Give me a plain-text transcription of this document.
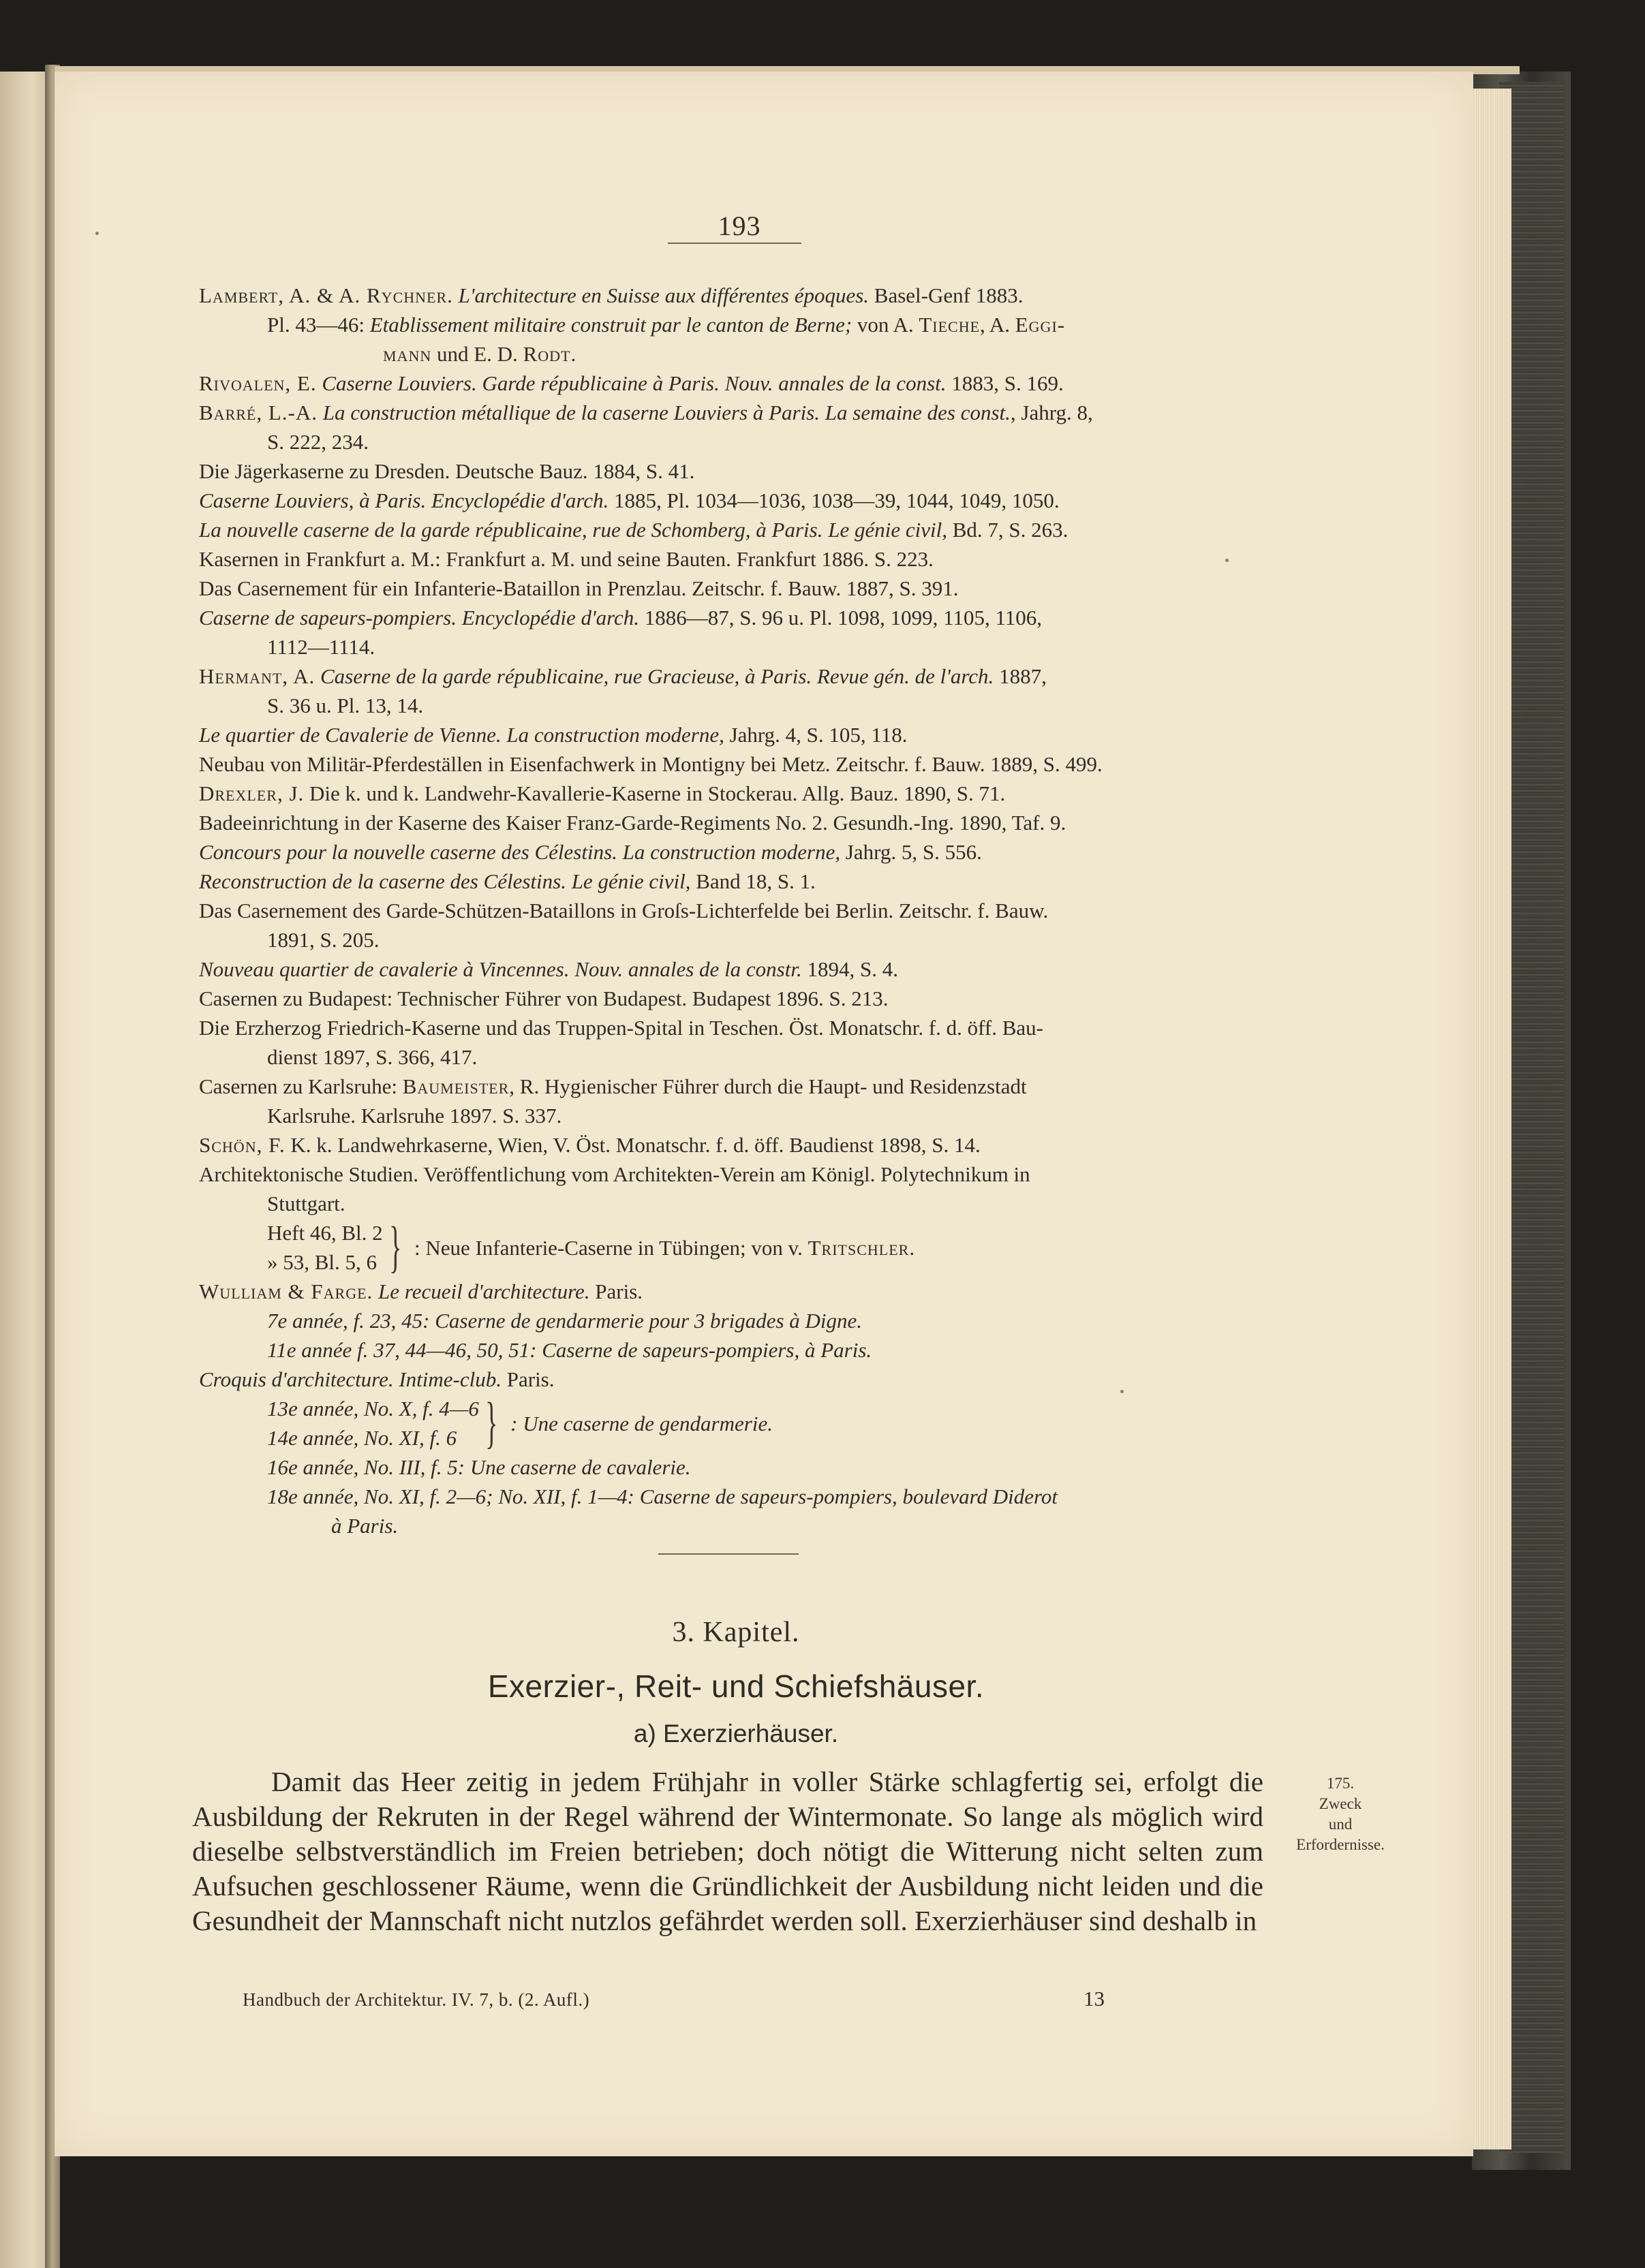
193
Lambert, A. & A. Rychner. L'architecture en Suisse aux différentes époques. Basel-Genf 1883.
Pl. 43—46: Etablissement militaire construit par le canton de Berne; von A. Tieche, A. Eggi-
mann und E. D. Rodt.
Rivoalen, E. Caserne Louviers. Garde républicaine à Paris. Nouv. annales de la const. 1883, S. 169.
Barré, L.-A. La construction métallique de la caserne Louviers à Paris. La semaine des const., Jahrg. 8,
S. 222, 234.
Die Jägerkaserne zu Dresden. Deutsche Bauz. 1884, S. 41.
Caserne Louviers, à Paris. Encyclopédie d'arch. 1885, Pl. 1034—1036, 1038—39, 1044, 1049, 1050.
La nouvelle caserne de la garde républicaine, rue de Schomberg, à Paris. Le génie civil, Bd. 7, S. 263.
Kasernen in Frankfurt a. M.: Frankfurt a. M. und seine Bauten. Frankfurt 1886. S. 223.
Das Casernement für ein Infanterie-Bataillon in Prenzlau. Zeitschr. f. Bauw. 1887, S. 391.
Caserne de sapeurs-pompiers. Encyclopédie d'arch. 1886—87, S. 96 u. Pl. 1098, 1099, 1105, 1106,
1112—1114.
Hermant, A. Caserne de la garde républicaine, rue Gracieuse, à Paris. Revue gén. de l'arch. 1887,
S. 36 u. Pl. 13, 14.
Le quartier de Cavalerie de Vienne. La construction moderne, Jahrg. 4, S. 105, 118.
Neubau von Militär-Pferdeställen in Eisenfachwerk in Montigny bei Metz. Zeitschr. f. Bauw. 1889, S. 499.
Drexler, J. Die k. und k. Landwehr-Kavallerie-Kaserne in Stockerau. Allg. Bauz. 1890, S. 71.
Badeeinrichtung in der Kaserne des Kaiser Franz-Garde-Regiments No. 2. Gesundh.-Ing. 1890, Taf. 9.
Concours pour la nouvelle caserne des Célestins. La construction moderne, Jahrg. 5, S. 556.
Reconstruction de la caserne des Célestins. Le génie civil, Band 18, S. 1.
Das Casernement des Garde-Schützen-Bataillons in Groſs-Lichterfelde bei Berlin. Zeitschr. f. Bauw.
1891, S. 205.
Nouveau quartier de cavalerie à Vincennes. Nouv. annales de la constr. 1894, S. 4.
Casernen zu Budapest: Technischer Führer von Budapest. Budapest 1896. S. 213.
Die Erzherzog Friedrich-Kaserne und das Truppen-Spital in Teschen. Öst. Monatschr. f. d. öff. Bau-
dienst 1897, S. 366, 417.
Casernen zu Karlsruhe: Baumeister, R. Hygienischer Führer durch die Haupt- und Residenzstadt
Karlsruhe. Karlsruhe 1897. S. 337.
Schön, F. K. k. Landwehrkaserne, Wien, V. Öst. Monatschr. f. d. öff. Baudienst 1898, S. 14.
Architektonische Studien. Veröffentlichung vom Architekten-Verein am Königl. Polytechnikum in
Stuttgart.
Heft 46, Bl. 2
» 53, Bl. 5, 6 } : Neue Infanterie-Caserne in Tübingen; von v. Tritschler.
Wulliam & Farge. Le recueil d'architecture. Paris.
7e année, f. 23, 45: Caserne de gendarmerie pour 3 brigades à Digne.
11e année f. 37, 44—46, 50, 51: Caserne de sapeurs-pompiers, à Paris.
Croquis d'architecture. Intime-club. Paris.
13e année, No. X, f. 4—6
14e année, No. XI, f. 6 } : Une caserne de gendarmerie.
16e année, No. III, f. 5: Une caserne de cavalerie.
18e année, No. XI, f. 2—6; No. XII, f. 1—4: Caserne de sapeurs-pompiers, boulevard Diderot
à Paris.
3. Kapitel.
Exerzier-, Reit- und Schiefshäuser.
a) Exerzierhäuser.

Damit das Heer zeitig in jedem Frühjahr in voller Stärke schlagfertig sei, erfolgt die Ausbildung der Rekruten in der Regel während der Wintermonate. So lange als möglich wird dieselbe selbstverständlich im Freien betrieben; doch nötigt die Witterung nicht selten zum Aufsuchen geschlossener Räume, wenn die Gründlichkeit der Ausbildung nicht leiden und die Gesundheit der Mannschaft nicht nutzlos gefährdet werden soll. Exerzierhäuser sind deshalb in

175.
Zweck
und
Erfordernisse.
Handbuch der Architektur. IV. 7, b. (2. Aufl.)	13
